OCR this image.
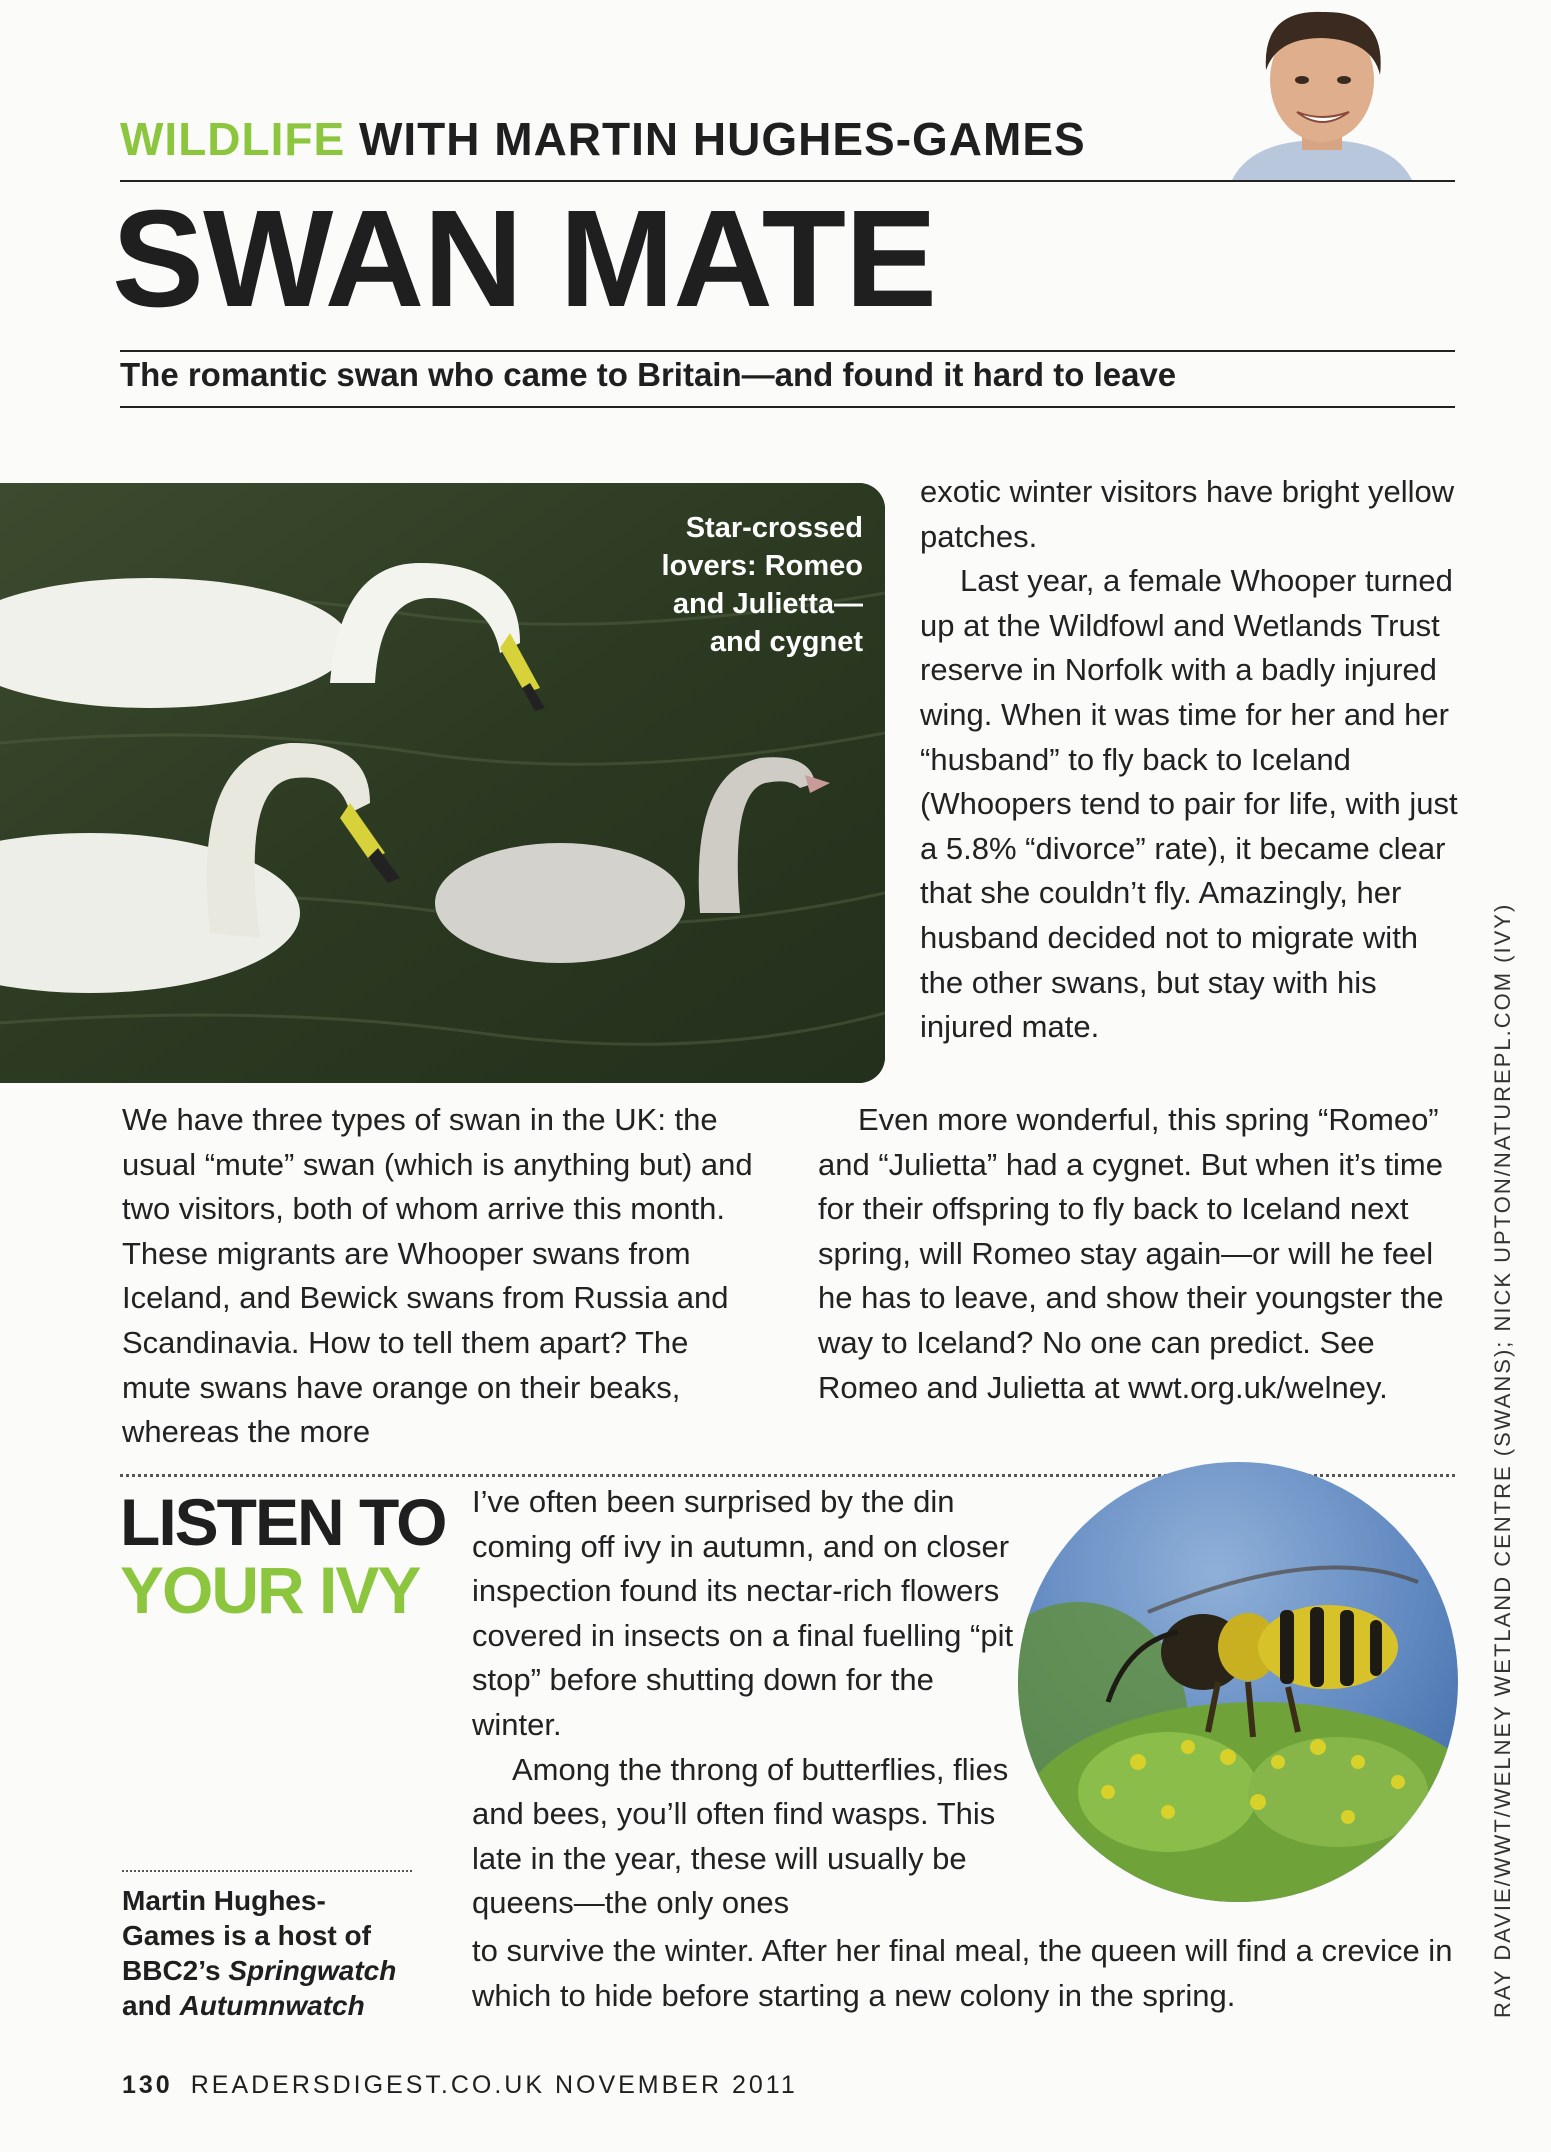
WILDLIFE WITH MARTIN HUGHES-GAMES
SWAN MATE
The romantic swan who came to Britain—and found it hard to leave
Star-crossed lovers: Romeo and Julietta— and cygnet

exotic winter visitors have bright yellow patches.

Last year, a female Whooper turned up at the Wildfowl and Wetlands Trust reserve in Norfolk with a badly injured wing. When it was time for her and her “husband” to fly back to Iceland (Whoopers tend to pair for life, with just a 5.8% “divorce” rate), it became clear that she couldn’t fly. Amazingly, her husband decided not to migrate with the other swans, but stay with his injured mate.

We have three types of swan in the UK: the usual “mute” swan (which is anything but) and two visitors, both of whom arrive this month. These migrants are Whooper swans from Iceland, and Bewick swans from Russia and Scandinavia. How to tell them apart? The mute swans have orange on their beaks, whereas the more

Even more wonderful, this spring “Romeo” and “Julietta” had a cygnet. But when it’s time for their offspring to fly back to Iceland next spring, will Romeo stay again—or will he feel he has to leave, and show their youngster the way to Iceland? No one can predict. See Romeo and Julietta at wwt.org.uk/welney.

LISTEN TO
YOUR IVY

I’ve often been surprised by the din coming off ivy in autumn, and on closer inspection found its nectar-rich flowers covered in insects on a final fuelling “pit stop” before shutting down for the winter.

Among the throng of butterflies, flies and bees, you’ll often find wasps. This late in the year, these will usually be queens—the only ones

to survive the winter. After her final meal, the queen will find a crevice in which to hide before starting a new colony in the spring.

Martin Hughes-Games is a host of BBC2’s Springwatch and Autumnwatch	RAY DAVIE/WWT/WELNEY WETLAND CENTRE (SWANS); NICK UPTON/NATUREPL.COM (IVY)
130 READERSDIGEST.CO.UK NOVEMBER 2011
